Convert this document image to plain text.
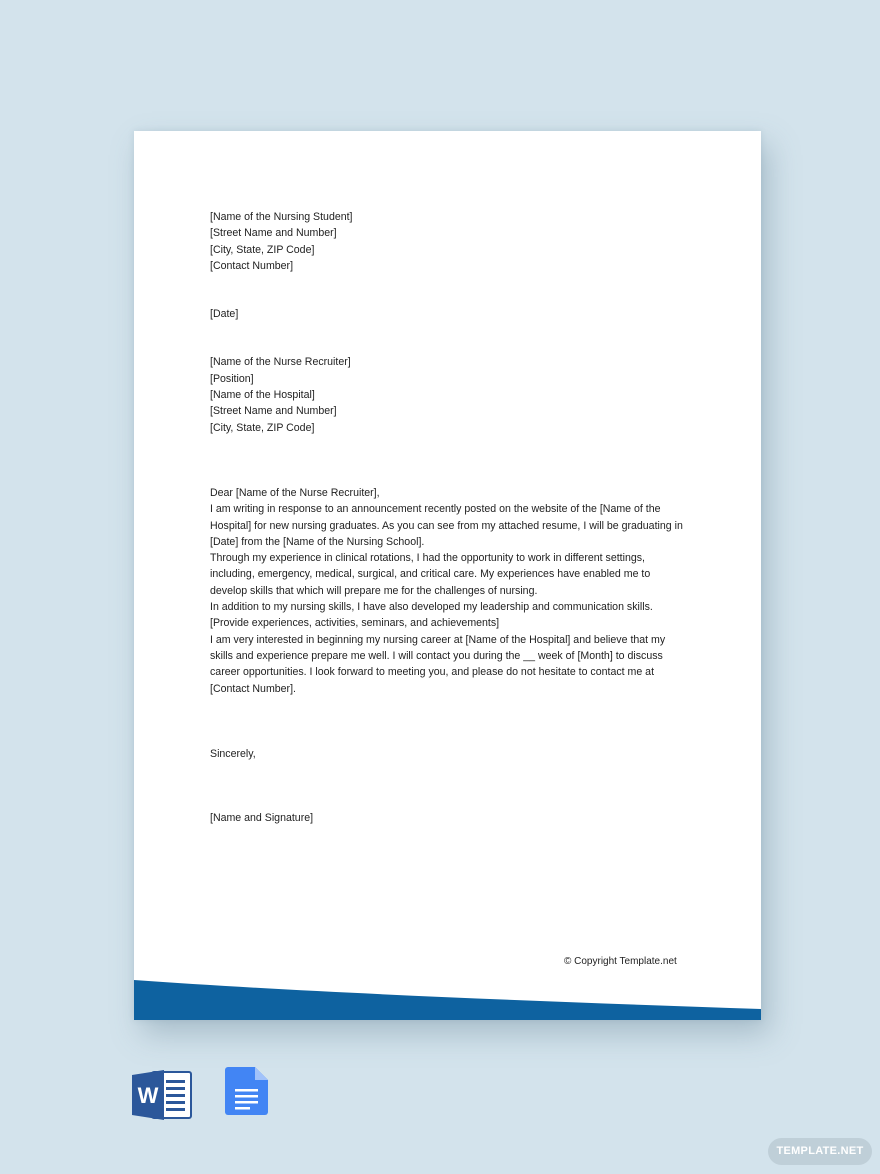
[Name of the Nursing Student]
[Street Name and Number]
[City, State, ZIP Code]
[Contact Number]
[Date]
[Name of the Nurse Recruiter]
[Position]
[Name of the Hospital]
[Street Name and Number]
[City, State, ZIP Code]
Dear [Name of the Nurse Recruiter],

I am writing in response to an announcement recently posted on the website of the [Name of the Hospital] for new nursing graduates. As you can see from my attached resume, I will be graduating in [Date] from the [Name of the Nursing School].

Through my experience in clinical rotations, I had the opportunity to work in different settings, including, emergency, medical, surgical, and critical care. My experiences have enabled me to develop skills that which will prepare me for the challenges of nursing.

In addition to my nursing skills, I have also developed my leadership and communication skills. [Provide experiences, activities, seminars, and achievements]

I am very interested in beginning my nursing career at [Name of the Hospital] and believe that my skills and experience prepare me well. I will contact you during the __ week of [Month] to discuss career opportunities. I look forward to meeting you, and please do not hesitate to contact me at [Contact Number].

Sincerely,
[Name and Signature]
© Copyright Template.net
W
TEMPLATE.NET
